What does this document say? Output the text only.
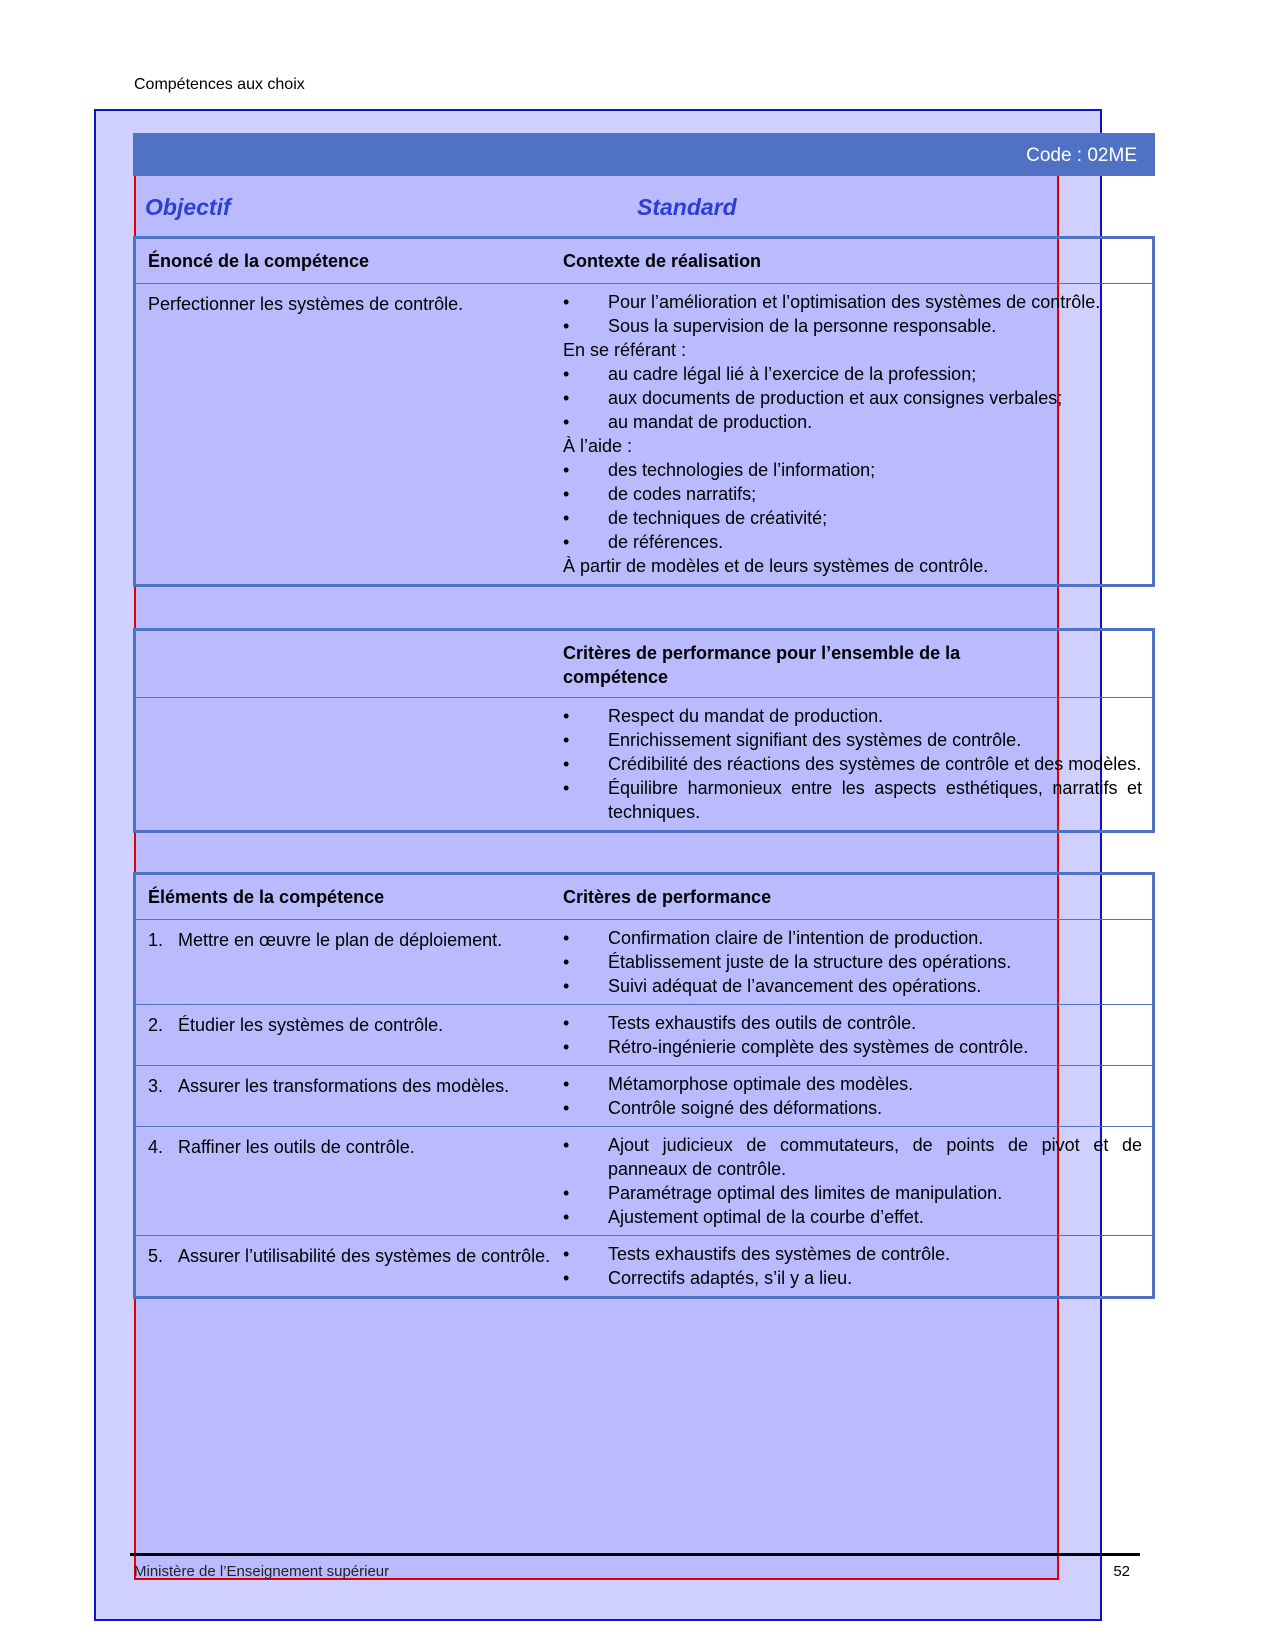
Compétences aux choix
Code : 02ME
Objectif	Standard
Énoncé de la compétence	Contexte de réalisation
Perfectionner les systèmes de contrôle.	• Pour l’amélioration et l’optimisation des systèmes de contrôle.
• Sous la supervision de la personne responsable.
En se référant :
• au cadre légal lié à l’exercice de la profession;
• aux documents de production et aux consignes verbales;
• au mandat de production.
À l’aide :
• des technologies de l’information;
• de codes narratifs;
• de techniques de créativité;
• de références.
À partir de modèles et de leurs systèmes de contrôle.
Critères de performance pour l’ensemble de la compétence
• Respect du mandat de production.
• Enrichissement signifiant des systèmes de contrôle.
• Crédibilité des réactions des systèmes de contrôle et des modèles.
• Équilibre harmonieux entre les aspects esthétiques, narratifs et techniques.
Éléments de la compétence	Critères de performance
1. Mettre en œuvre le plan de déploiement.	• Confirmation claire de l’intention de production.
• Établissement juste de la structure des opérations.
• Suivi adéquat de l’avancement des opérations.
2. Étudier les systèmes de contrôle.	• Tests exhaustifs des outils de contrôle.
• Rétro-ingénierie complète des systèmes de contrôle.
3. Assurer les transformations des modèles.	• Métamorphose optimale des modèles.
• Contrôle soigné des déformations.
4. Raffiner les outils de contrôle.	• Ajout judicieux de commutateurs, de points de pivot et de panneaux de contrôle.
• Paramétrage optimal des limites de manipulation.
• Ajustement optimal de la courbe d’effet.
5. Assurer l’utilisabilité des systèmes de contrôle.	• Tests exhaustifs des systèmes de contrôle.
• Correctifs adaptés, s’il y a lieu.
Ministère de l’Enseignement supérieur	52
